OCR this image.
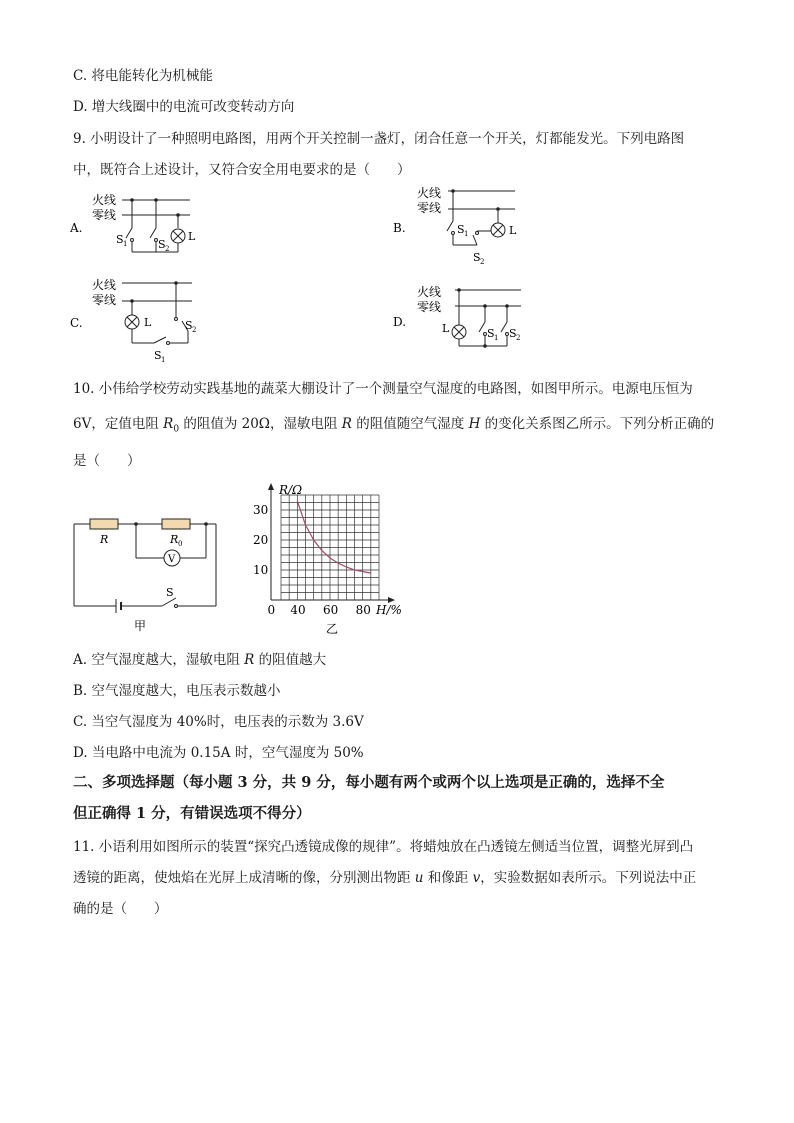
C. 将电能转化为机械能
D. 增大线圈中的电流可改变转动方向
9. 小明设计了一种照明电路图，用两个开关控制一盏灯，闭合任意一个开关，灯都能发光。下列电路图
中，既符合上述设计，又符合安全用电要求的是（　　）
A.
火线
零线
S 1	S 2
L
B.
火线
零线
S 1
S 2
L
C.
火线
零线
L
S 1
S 2
D.
火线
零线
L	S 1 S 2
10. 小伟给学校劳动实践基地的蔬菜大棚设计了一个测量空气湿度的电路图，如图甲所示。电源电压恒为
6V，定值电阻 $R_0$ 的阻值为 20Ω，湿敏电阻 R 的阻值随空气湿度 H 的变化关系图乙所示。下列分析正确的
是（　　）
V
R	R 0
S
甲
R/Ω
H/%
0 40 60 80
10
20
30
乙
A. 空气湿度越大，湿敏电阻 R 的阻值越大
B. 空气湿度越大，电压表示数越小
C. 当空气湿度为 40%时，电压表的示数为 3.6V
D. 当电路中电流为 0.15A 时，空气湿度为 50%
二、多项选择题（每小题 3 分，共 9 分，每小题有两个或两个以上选项是正确的，选择不全
但正确得 1 分，有错误选项不得分）
11. 小语利用如图所示的装置“探究凸透镜成像的规律”。将蜡烛放在凸透镜左侧适当位置，调整光屏到凸
透镜的距离，使烛焰在光屏上成清晰的像，分别测出物距 u 和像距 v，实验数据如表所示。下列说法中正
确的是（　　）
